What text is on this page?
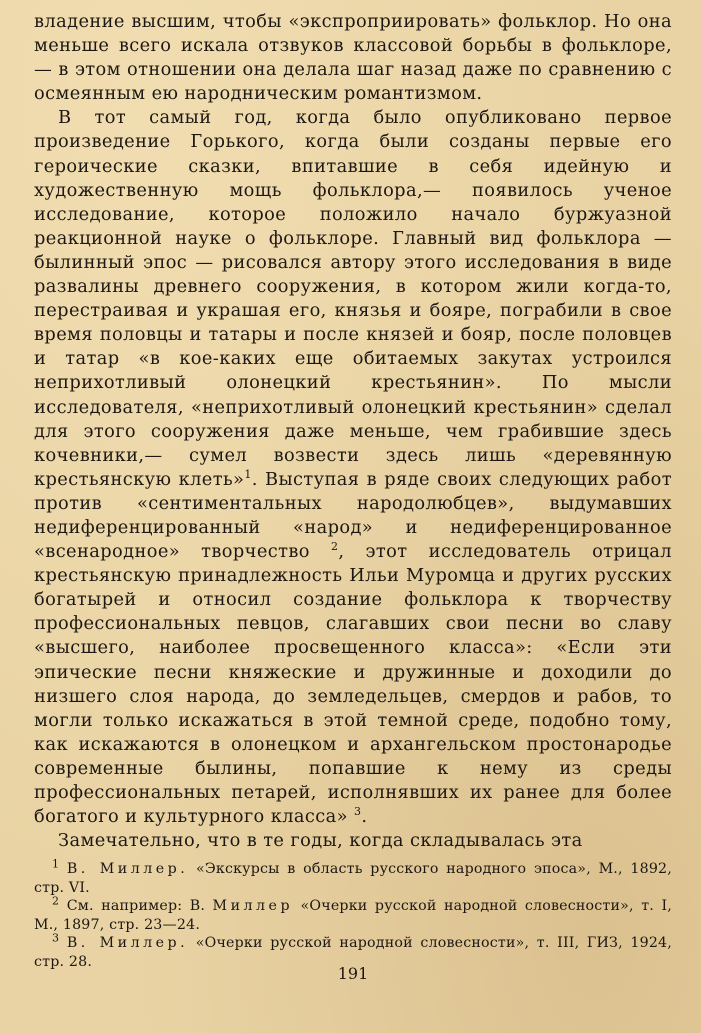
владение высшим, чтобы «экспроприировать» фольклор. Но она меньше всего искала отзвуков классовой борьбы в фольклоре, — в этом отношении она делала шаг назад даже по сравнению с осмеянным ею народническим романтизмом.

В тот самый год, когда было опубликовано первое произведение Горького, когда были созданы первые его героические сказки, впитавшие в себя идейную и художественную мощь фольклора,— появилось ученое исследование, которое положило начало буржуазной реакционной науке о фольклоре. Главный вид фольклора — былинный эпос — рисовался автору этого исследования в виде развалины древнего сооружения, в котором жили когда-то, перестраивая и украшая его, князья и бояре, пограбили в свое время половцы и татары и после князей и бояр, после половцев и татар «в кое-каких еще обитаемых закутах устроился неприхотливый олонецкий крестьянин». По мысли исследователя, «неприхотливый олонецкий крестьянин» сделал для этого сооружения даже меньше, чем грабившие здесь кочевники,— сумел возвести здесь лишь «деревянную крестьянскую клеть»$^1$. Выступая в ряде своих следующих работ против «сентиментальных народолюбцев», выдумавших недиференцированный «народ» и недиференцированное «всенародное» творчество $^2$, этот исследователь отрицал крестьянскую принадлежность Ильи Муромца и других русских богатырей и относил создание фольклора к творчеству профессиональных певцов, слагавших свои песни во славу «высшего, наиболее просвещенного класса»: «Если эти эпические песни княжеские и дружинные и доходили до низшего слоя народа, до земледельцев, смердов и рабов, то могли только искажаться в этой темной среде, подобно тому, как искажаются в олонецком и архангельском простонародье современные былины, попавшие к нему из среды профессиональных петарей, исполнявших их ранее для более богатого и культурного класса» $^3$.

Замечательно, что в те годы, когда складывалась эта

$^1$ В. Миллер. «Экскурсы в область русского народного эпоса», М., 1892, стр. VI.

$^2$ См. например: В. Миллер «Очерки русской народной словесности», т. I, М., 1897, стр. 23—24.

$^3$ В. Миллер. «Очерки русской народной словесности», т. III, ГИЗ, 1924, стр. 28.

191
